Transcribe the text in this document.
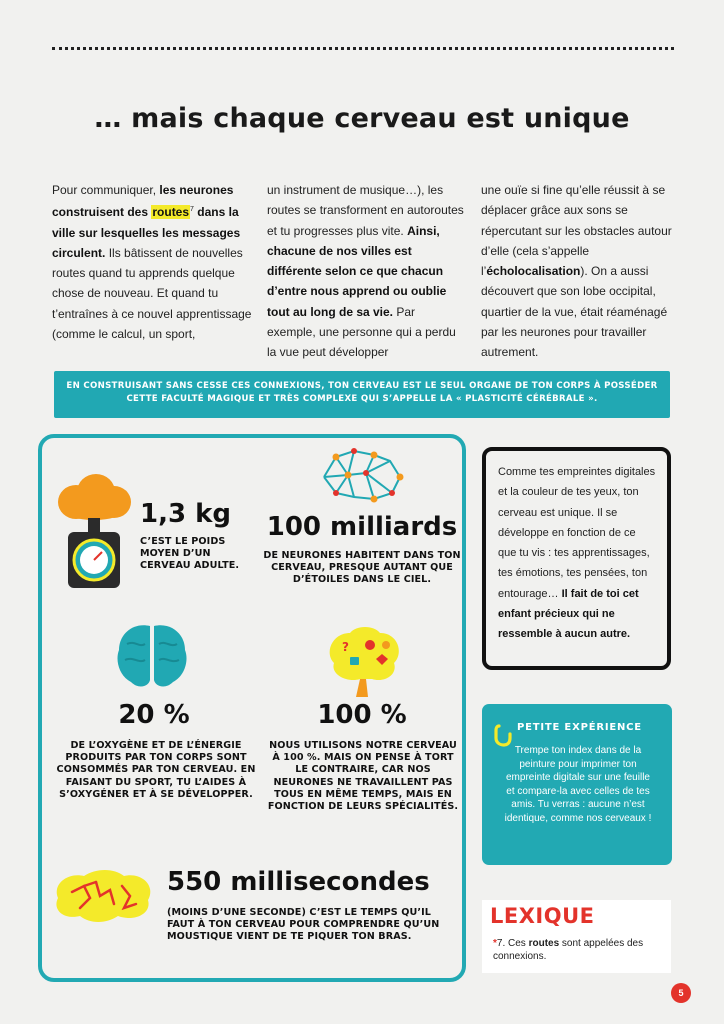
… mais chaque cerveau est unique
Pour communiquer, les neurones construisent des routes$^7$ dans la ville sur lesquelles les messages circulent. Ils bâtissent de nouvelles routes quand tu apprends quelque chose de nouveau. Et quand tu t’entraînes à ce nouvel apprentissage (comme le calcul, un sport,
un instrument de musique…), les routes se transforment en autoroutes et tu progresses plus vite. Ainsi, chacune de nos villes est différente selon ce que chacun d’entre nous apprend ou oublie tout au long de sa vie. Par exemple, une personne qui a perdu la vue peut développer
une ouïe si fine qu’elle réussit à se déplacer grâce aux sons se répercutant sur les obstacles autour d’elle (cela s’appelle l’écholocalisation). On a aussi découvert que son lobe occipital, quartier de la vue, était réaménagé par les neurones pour travailler autrement.
EN CONSTRUISANT SANS CESSE CES CONNEXIONS, TON CERVEAU EST LE SEUL ORGANE DE TON CORPS À POSSÉDER
CETTE FACULTÉ MAGIQUE ET TRÈS COMPLEXE QUI S’APPELLE LA « PLASTICITÉ CÉRÉBRALE ».
1,3 kg
C’EST LE POIDS MOYEN D’UN CERVEAU ADULTE.
100 milliards
DE NEURONES HABITENT DANS TON CERVEAU, PRESQUE AUTANT QUE D’ÉTOILES DANS LE CIEL.
20 %
DE L’OXYGÈNE ET DE L’ÉNERGIE PRODUITS PAR TON CORPS SONT CONSOMMÉS PAR TON CERVEAU. EN FAISANT DU SPORT, TU L’AIDES À S’OXYGÉNER ET À SE DÉVELOPPER.
?
100 %
NOUS UTILISONS NOTRE CERVEAU À 100 %. MAIS ON PENSE À TORT LE CONTRAIRE, CAR NOS NEURONES NE TRAVAILLENT PAS TOUS EN MÊME TEMPS, MAIS EN FONCTION DE LEURS SPÉCIALITÉS.
550 millisecondes
(MOINS D’UNE SECONDE) C’EST LE TEMPS QU’IL FAUT À TON CERVEAU POUR COMPRENDRE QU’UN MOUSTIQUE VIENT DE TE PIQUER TON BRAS.
Comme tes empreintes digitales et la couleur de tes yeux, ton cerveau est unique. Il se développe en fonction de ce que tu vis : tes apprentissages, tes émotions, tes pensées, ton entourage… Il fait de toi cet enfant précieux qui ne ressemble à aucun autre.
PETITE EXPÉRIENCE
Trempe ton index dans de la peinture pour imprimer ton empreinte digitale sur une feuille et compare-la avec celles de tes amis. Tu verras : aucune n’est identique, comme nos cerveaux !
LEXIQUE
*7. Ces routes sont appelées des connexions.
5
